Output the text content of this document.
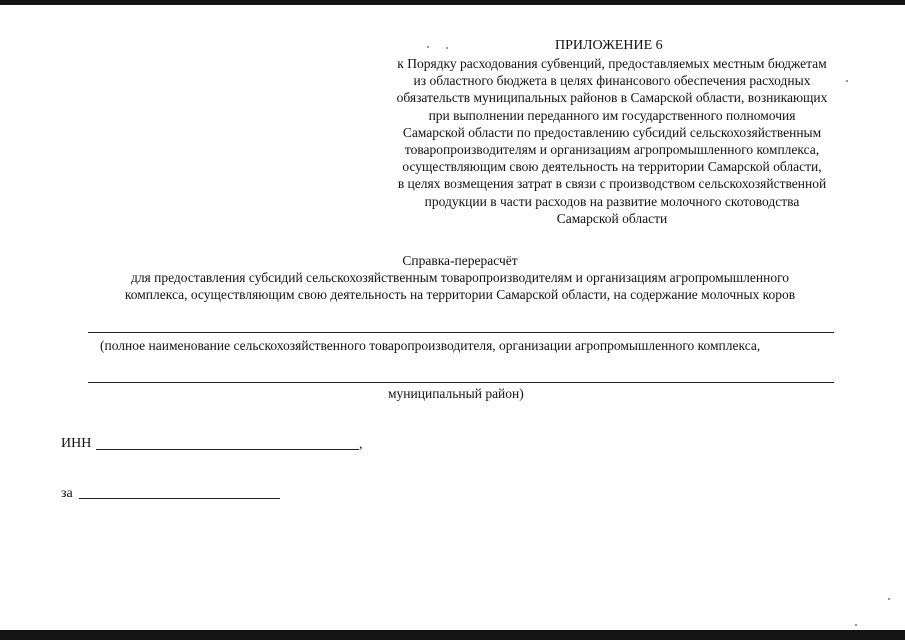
ПРИЛОЖЕНИЕ 6
к Порядку расходования субвенций, предоставляемых местным бюджетам
из областного бюджета в целях финансового обеспечения расходных
обязательств муниципальных районов в Самарской области, возникающих
при выполнении переданного им государственного полномочия
Самарской области по предоставлению субсидий сельскохозяйственным
товаропроизводителям и организациям агропромышленного комплекса,
осуществляющим свою деятельность на территории Самарской области,
в целях возмещения затрат в связи с производством сельскохозяйственной
продукции в части расходов на развитие молочного скотоводства
Самарской области
Справка-перерасчёт
для предоставления субсидий сельскохозяйственным товаропроизводителям и организациям агропромышленного
комплекса, осуществляющим свою деятельность на территории Самарской области, на содержание молочных коров
(полное наименование сельскохозяйственного товаропроизводителя, организации агропромышленного комплекса,
муниципальный район)
ИНН	,
за
